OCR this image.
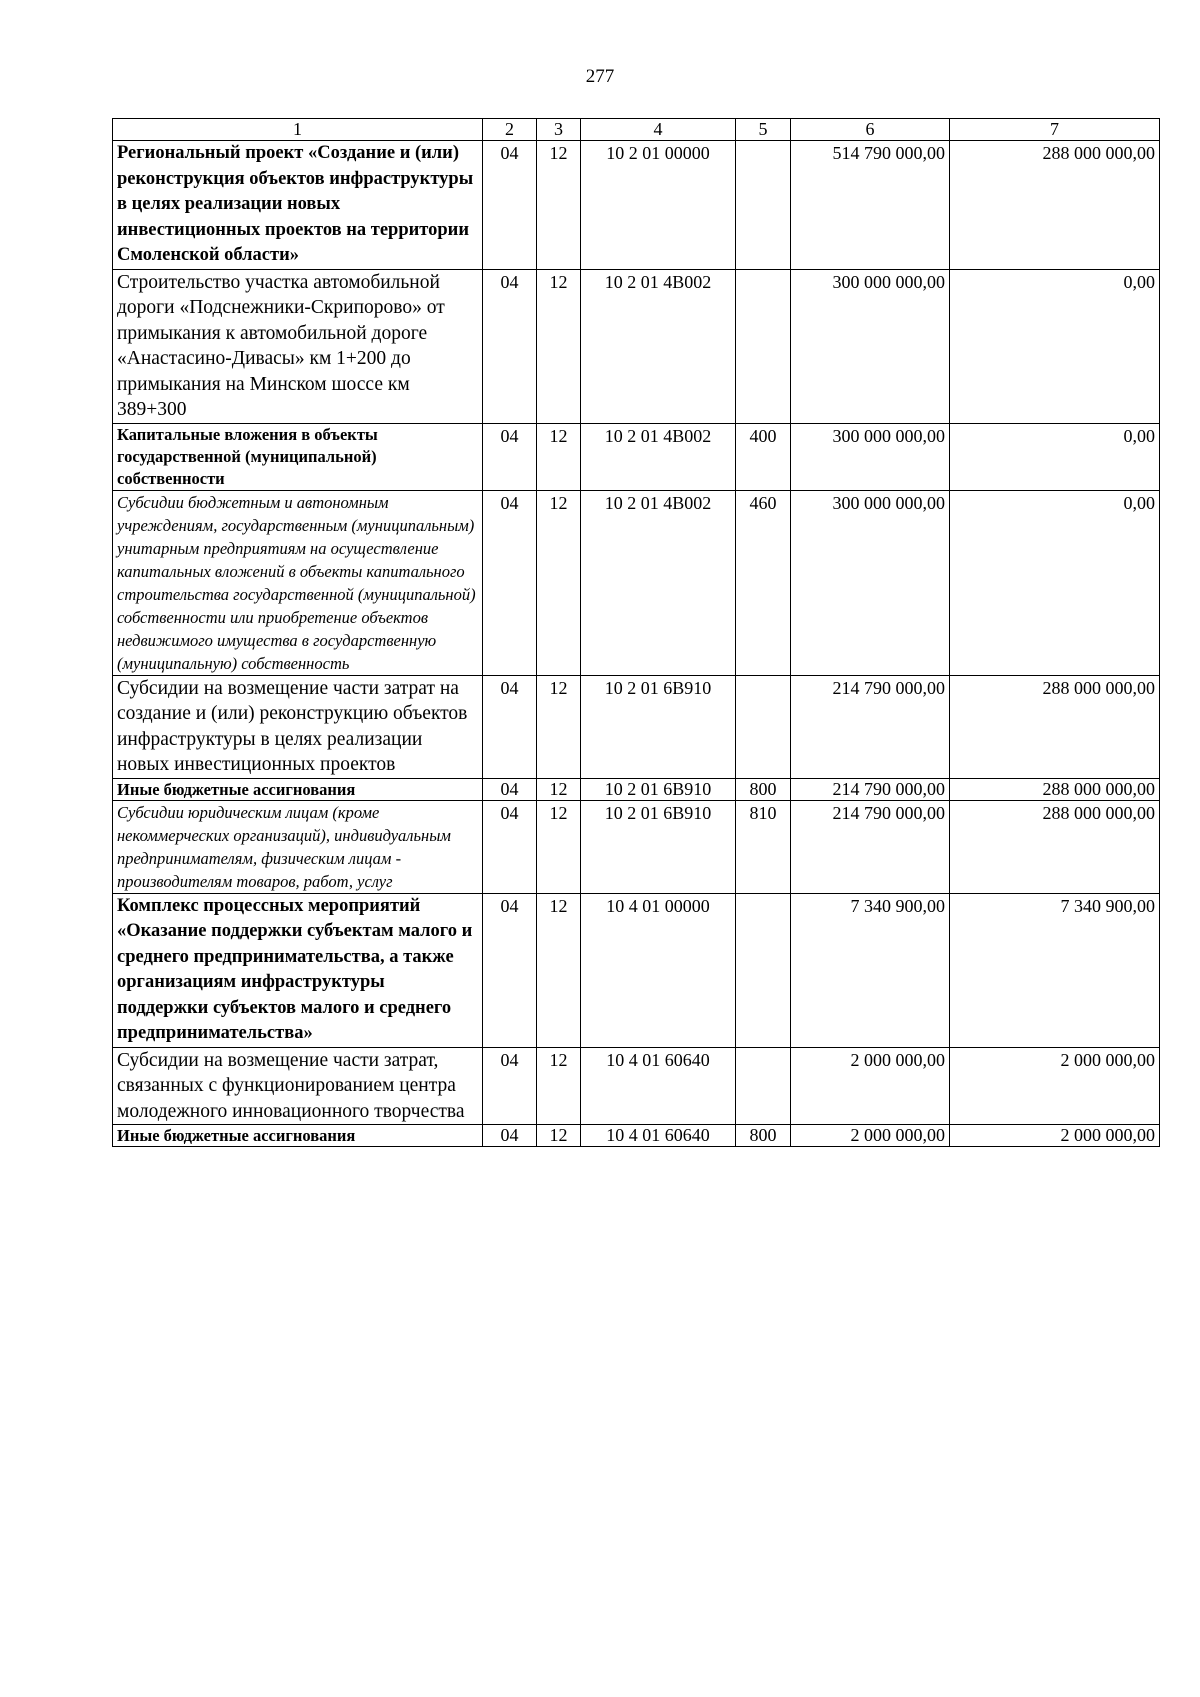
277
1	2	3	4	5	6	7
Региональный проект «Создание и (или) реконструкция объектов инфраструктуры в целях реализации новых инвестиционных проектов на территории Смоленской области»	04	12	10 2 01 00000		514 790 000,00	288 000 000,00
Строительство участка автомобильной дороги «Подснежники-Скрипорово» от примыкания к автомобильной дороге «Анастасино-Дивасы» км 1+200 до примыкания на Минском шоссе км 389+300	04	12	10 2 01 4В002		300 000 000,00	0,00
Капитальные вложения в объекты государственной (муниципальной) собственности	04	12	10 2 01 4В002	400	300 000 000,00	0,00
Субсидии бюджетным и автономным учреждениям, государственным (муниципальным) унитарным предприятиям на осуществление капитальных вложений в объекты капитального строительства государственной (муниципальной) собственности или приобретение объектов недвижимого имущества в государственную (муниципальную) собственность	04	12	10 2 01 4В002	460	300 000 000,00	0,00
Субсидии на возмещение части затрат на создание и (или) реконструкцию объектов инфраструктуры в целях реализации новых инвестиционных проектов	04	12	10 2 01 6В910		214 790 000,00	288 000 000,00
Иные бюджетные ассигнования	04	12	10 2 01 6В910	800	214 790 000,00	288 000 000,00
Субсидии юридическим лицам (кроме некоммерческих организаций), индивидуальным предпринимателям, физическим лицам - производителям товаров, работ, услуг	04	12	10 2 01 6В910	810	214 790 000,00	288 000 000,00
Комплекс процессных мероприятий «Оказание поддержки субъектам малого и среднего предпринимательства, а также организациям инфраструктуры поддержки субъектов малого и среднего предпринимательства»	04	12	10 4 01 00000		7 340 900,00	7 340 900,00
Субсидии на возмещение части затрат, связанных с функционированием центра молодежного инновационного творчества	04	12	10 4 01 60640		2 000 000,00	2 000 000,00
Иные бюджетные ассигнования	04	12	10 4 01 60640	800	2 000 000,00	2 000 000,00
